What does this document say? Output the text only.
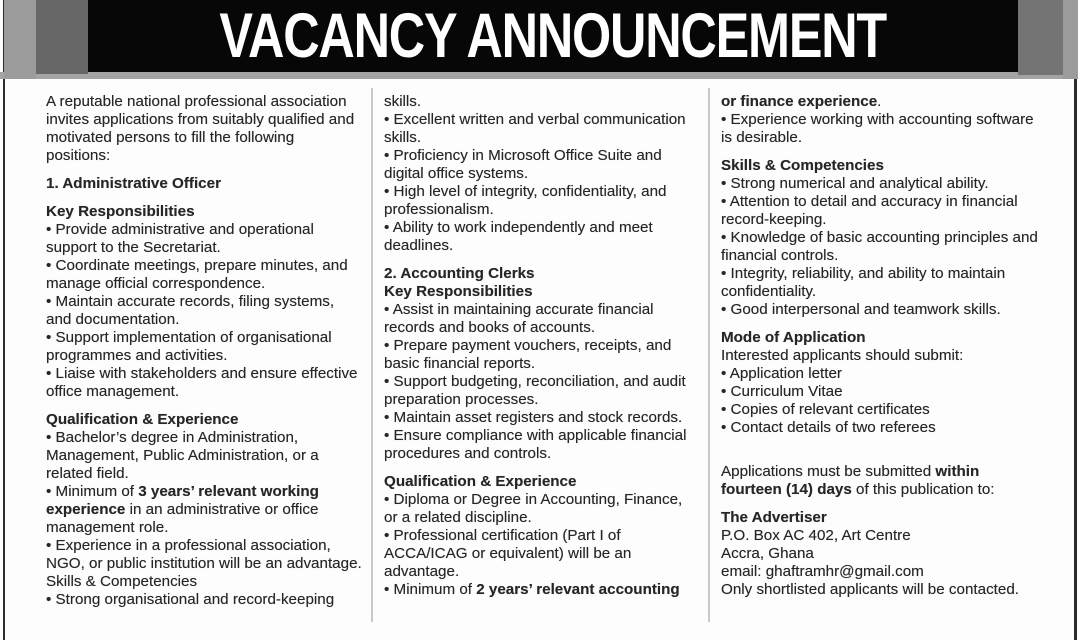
VACANCY ANNOUNCEMENT

A reputable national professional association invites applications from suitably qualified and motivated persons to fill the following positions:

1. Administrative Officer

Key Responsibilities

• Provide administrative and operational support to the Secretariat.

• Coordinate meetings, prepare minutes, and manage official correspondence.

• Maintain accurate records, filing systems, and documentation.

• Support implementation of organisational programmes and activities.

• Liaise with stakeholders and ensure effective office management.

Qualification & Experience

• Bachelor’s degree in Administration, Management, Public Administration, or a related field.

• Minimum of 3 years’ relevant working experience in an administrative or office management role.

• Experience in a professional association, NGO, or public institution will be an advantage.

Skills & Competencies

• Strong organisational and record-keeping

skills.

• Excellent written and verbal communication skills.

• Proficiency in Microsoft Office Suite and digital office systems.

• High level of integrity, confidentiality, and professionalism.

• Ability to work independently and meet deadlines.

2. Accounting Clerks

Key Responsibilities

• Assist in maintaining accurate financial records and books of accounts.

• Prepare payment vouchers, receipts, and basic financial reports.

• Support budgeting, reconciliation, and audit preparation processes.

• Maintain asset registers and stock records.

• Ensure compliance with applicable financial procedures and controls.

Qualification & Experience

• Diploma or Degree in Accounting, Finance, or a related discipline.

• Professional certification (Part I of ACCA/ICAG or equivalent) will be an advantage.

• Minimum of 2 years’ relevant accounting

or finance experience.

• Experience working with accounting software is desirable.

Skills & Competencies

• Strong numerical and analytical ability.

• Attention to detail and accuracy in financial record-keeping.

• Knowledge of basic accounting principles and financial controls.

• Integrity, reliability, and ability to maintain confidentiality.

• Good interpersonal and teamwork skills.

Mode of Application

Interested applicants should submit:

• Application letter

• Curriculum Vitae

• Copies of relevant certificates

• Contact details of two referees

Applications must be submitted within fourteen (14) days of this publication to:

The Advertiser

P.O. Box AC 402, Art Centre

Accra, Ghana

email: ghaftramhr@gmail.com

Only shortlisted applicants will be contacted.
